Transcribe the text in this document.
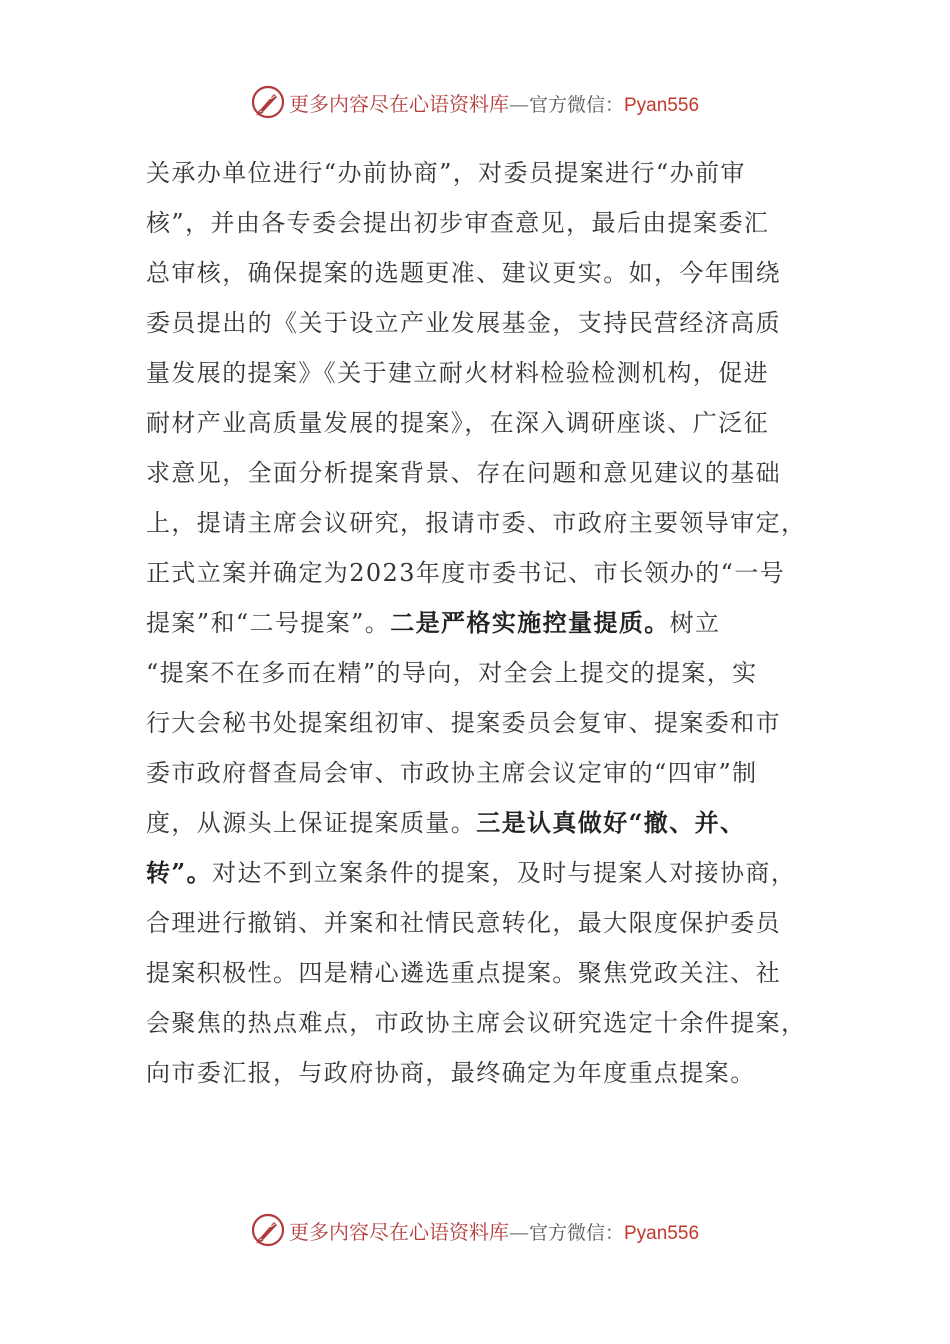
更多内容尽在心语资料库 — 官方微信： Pyan556
关承办单位进行“办前协商”，对委员提案进行“办前审
核”，并由各专委会提出初步审查意见，最后由提案委汇
总审核，确保提案的选题更准、建议更实。如，今年围绕
委员提出的《关于设立产业发展基金，支持民营经济高质
量发展的提案》《关于建立耐火材料检验检测机构，促进
耐材产业高质量发展的提案》，在深入调研座谈、广泛征
求意见，全面分析提案背景、存在问题和意见建议的基础
上，提请主席会议研究，报请市委、市政府主要领导审定，
正式立案并确定为2023年度市委书记、市长领办的“一号
提案”和“二号提案”。二是严格实施控量提质。树立
“提案不在多而在精”的导向，对全会上提交的提案，实
行大会秘书处提案组初审、提案委员会复审、提案委和市
委市政府督查局会审、市政协主席会议定审的“四审”制
度，从源头上保证提案质量。三是认真做好“撤、并、
转”。对达不到立案条件的提案，及时与提案人对接协商，
合理进行撤销、并案和社情民意转化，最大限度保护委员
提案积极性。四是精心遴选重点提案。聚焦党政关注、社
会聚焦的热点难点，市政协主席会议研究选定十余件提案，
向市委汇报，与政府协商，最终确定为年度重点提案。
更多内容尽在心语资料库 — 官方微信： Pyan556
